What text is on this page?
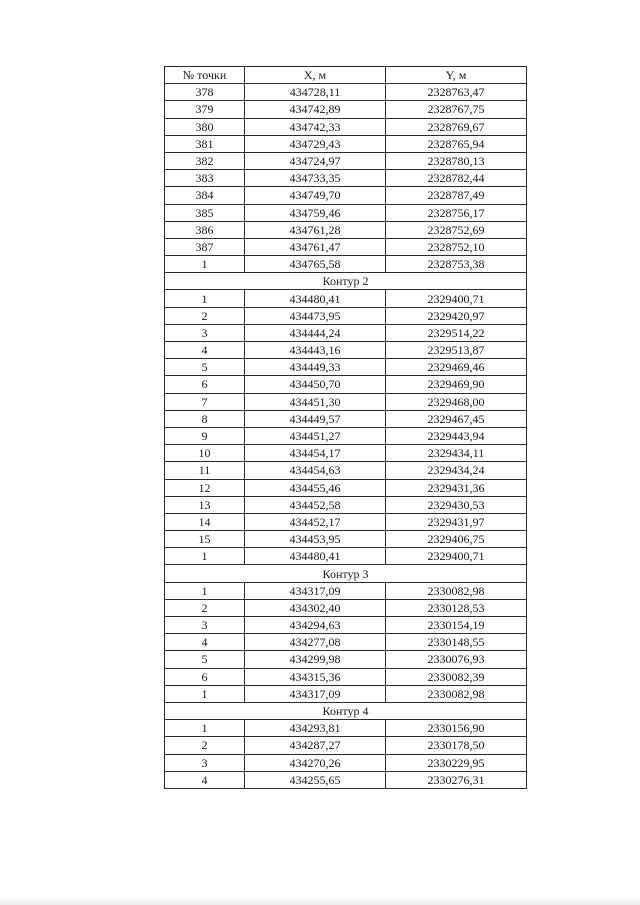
№ точки	X, м	Y, м
378	434728,11	2328763,47
379	434742,89	2328767,75
380	434742,33	2328769,67
381	434729,43	2328765,94
382	434724,97	2328780,13
383	434733,35	2328782,44
384	434749,70	2328787,49
385	434759,46	2328756,17
386	434761,28	2328752,69
387	434761,47	2328752,10
1	434765,58	2328753,38
Контур 2		
1	434480,41	2329400,71
2	434473,95	2329420,97
3	434444,24	2329514,22
4	434443,16	2329513,87
5	434449,33	2329469,46
6	434450,70	2329469,90
7	434451,30	2329468,00
8	434449,57	2329467,45
9	434451,27	2329443,94
10	434454,17	2329434,11
11	434454,63	2329434,24
12	434455,46	2329431,36
13	434452,58	2329430,53
14	434452,17	2329431,97
15	434453,95	2329406,75
1	434480,41	2329400,71
Контур 3		
1	434317,09	2330082,98
2	434302,40	2330128,53
3	434294,63	2330154,19
4	434277,08	2330148,55
5	434299,98	2330076,93
6	434315,36	2330082,39
1	434317,09	2330082,98
Контур 4		
1	434293,81	2330156,90
2	434287,27	2330178,50
3	434270,26	2330229,95
4	434255,65	2330276,31
